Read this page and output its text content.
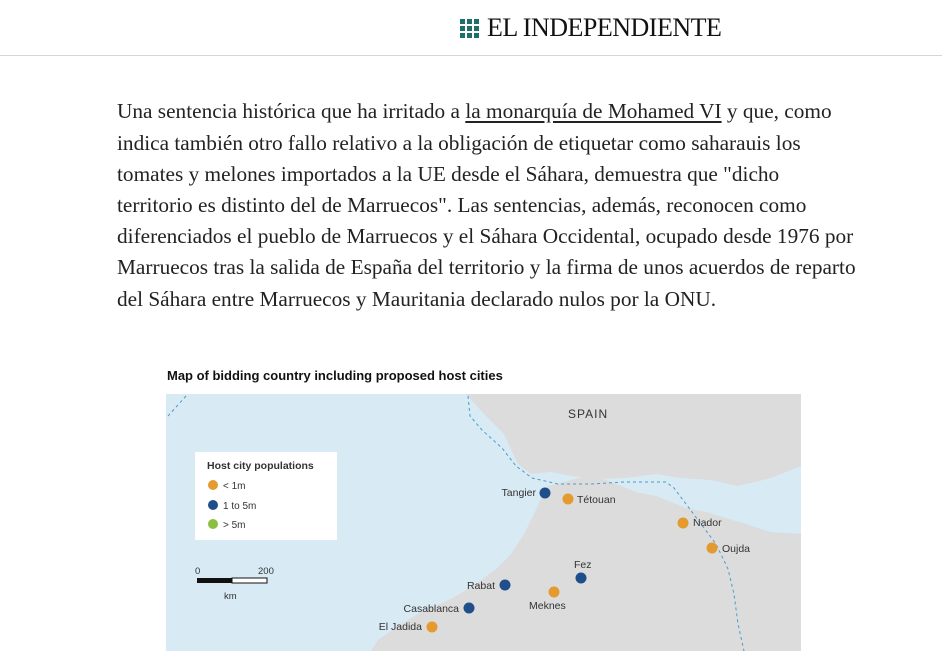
EL INDEPENDIENTE

Una sentencia histórica que ha irritado a la monarquía de Mohamed VI y que, como indica también otro fallo relativo a la obligación de etiquetar como saharauis los tomates y melones importados a la UE desde el Sáhara, demuestra que "dicho territorio es distinto del de Marruecos". Las sentencias, además, reconocen como diferenciados el pueblo de Marruecos y el Sáhara Occidental, ocupado desde 1976 por Marruecos tras la salida de España del territorio y la firma de unos acuerdos de reparto del Sáhara entre Marruecos y Mauritania declarado nulos por la ONU.

Map of bidding country including proposed host cities
SPAIN
Host city populations
< 1m
1 to 5m
> 5m
0	200
km
Tangier
Tétouan
Nador
Oujda
Fez
Rabat
Meknes
Casablanca
El Jadida
